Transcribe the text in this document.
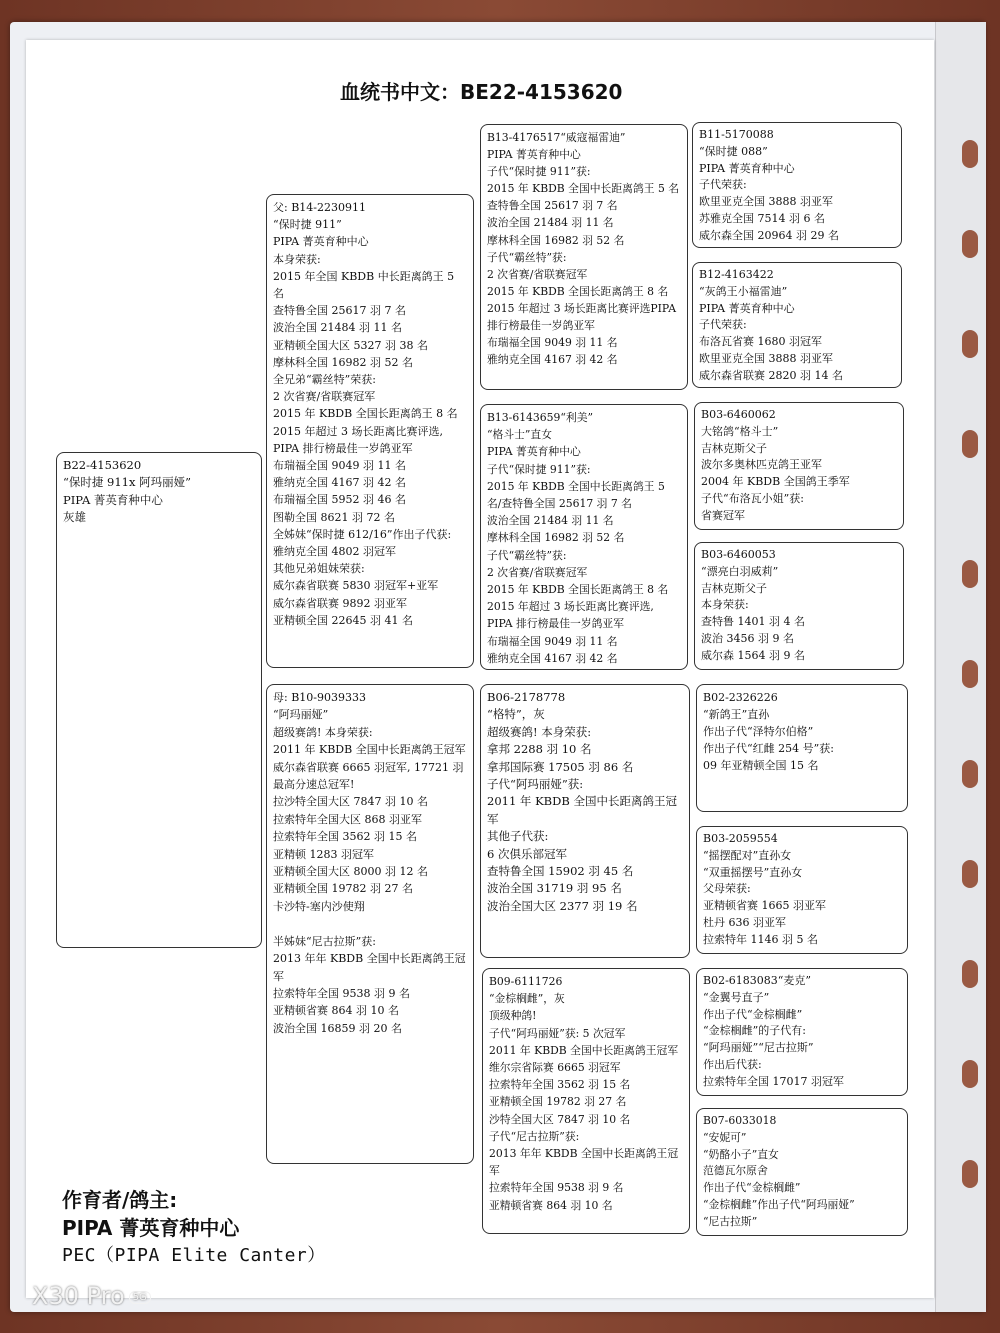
血统书中文：BE22-4153620
B22-4153620
“保时捷 911x 阿玛丽娅”
PIPA 菁英育种中心
灰雄
父: B14-2230911
“保时捷 911”
PIPA 菁英育种中心
本身荣获:
2015 年全国 KBDB 中长距离鸽王 5 名
查特鲁全国 25617 羽 7 名
波治全国 21484 羽 11 名
亚精顿全国大区 5327 羽 38 名
摩林科全国 16982 羽 52 名
全兄弟“霸丝特”荣获:
2 次省赛/省联赛冠军
2015 年 KBDB 全国长距离鸽王 8 名
2015 年超过 3 场长距离比赛评选,
PIPA 排行榜最佳一岁鸽亚军
布瑞福全国 9049 羽 11 名
雅纳克全国 4167 羽 42 名
布瑞福全国 5952 羽 46 名
图勒全国 8621 羽 72 名
全姊妹“保时捷 612/16”作出子代获:
雅纳克全国 4802 羽冠军
其他兄弟姐妹荣获:
威尔森省联赛 5830 羽冠军+亚军
威尔森省联赛 9892 羽亚军
亚精顿全国 22645 羽 41 名
母: B10-9039333
“阿玛丽娅”
超级赛鸽! 本身荣获:
2011 年 KBDB 全国中长距离鸽王冠军
威尔森省联赛 6665 羽冠军, 17721 羽最高分速总冠军!
拉沙特全国大区 7847 羽 10 名
拉索特年全国大区 868 羽亚军
拉索特年全国 3562 羽 15 名
亚精顿 1283 羽冠军
亚精顿全国大区 8000 羽 12 名
亚精顿全国 19782 羽 27 名
卡沙特-塞内沙使翔

半姊妹“尼古拉斯”获:
2013 年年 KBDB 全国中长距离鸽王冠军
拉索特年全国 9538 羽 9 名
亚精顿省赛 864 羽 10 名
波治全国 16859 羽 20 名
B13-4176517“威寇福雷迪”
PIPA 菁英育种中心
子代“保时捷 911”获:
2015 年 KBDB 全国中长距离鸽王 5 名
查特鲁全国 25617 羽 7 名
波治全国 21484 羽 11 名
摩林科全国 16982 羽 52 名
子代“霸丝特”获:
2 次省赛/省联赛冠军
2015 年 KBDB 全国长距离鸽王 8 名
2015 年超过 3 场长距离比赛评选PIPA 排行榜最佳一岁鸽亚军
布瑞福全国 9049 羽 11 名
雅纳克全国 4167 羽 42 名
B13-6143659“利美”
“格斗士”直女
PIPA 菁英育种中心
子代“保时捷 911”获:
2015 年 KBDB 全国中长距离鸽王 5 名/查特鲁全国 25617 羽 7 名
波治全国 21484 羽 11 名
摩林科全国 16982 羽 52 名
子代“霸丝特”获:
2 次省赛/省联赛冠军
2015 年 KBDB 全国长距离鸽王 8 名
2015 年超过 3 场长距离比赛评选,
PIPA 排行榜最佳一岁鸽亚军
布瑞福全国 9049 羽 11 名
雅纳克全国 4167 羽 42 名
B06-2178778
“格特”，灰
超级赛鸽! 本身荣获:
拿邦 2288 羽 10 名
拿邦国际赛 17505 羽 86 名
子代“阿玛丽娅”获:
2011 年 KBDB 全国中长距离鸽王冠军
其他子代获:
6 次俱乐部冠军
查特鲁全国 15902 羽 45 名
波治全国 31719 羽 95 名
波治全国大区 2377 羽 19 名
B09-6111726
“金棕榈雌”，灰
顶级种鸽!
子代“阿玛丽娅”获: 5 次冠军
2011 年 KBDB 全国中长距离鸽王冠军
维尔宗省际赛 6665 羽冠军
拉索特年全国 3562 羽 15 名
亚精顿全国 19782 羽 27 名
沙特全国大区 7847 羽 10 名
子代“尼古拉斯”获:
2013 年年 KBDB 全国中长距离鸽王冠军
拉索特年全国 9538 羽 9 名
亚精顿省赛 864 羽 10 名
B11-5170088
“保时捷 088”
PIPA 菁英育种中心
子代荣获:
欧里亚克全国 3888 羽亚军
苏雅克全国 7514 羽 6 名
威尔森全国 20964 羽 29 名
B12-4163422
“灰鸽王小福雷迪”
PIPA 菁英育种中心
子代荣获:
布洛瓦省赛 1680 羽冠军
欧里亚克全国 3888 羽亚军
威尔森省联赛 2820 羽 14 名
B03-6460062
大铭鸽“格斗士”
吉林克斯父子
波尔多奥林匹克鸽王亚军
2004 年 KBDB 全国鸽王季军
子代“布洛瓦小姐”获:
省赛冠军
B03-6460053
“漂亮白羽威莉”
吉林克斯父子
本身荣获:
查特鲁 1401 羽 4 名
波治 3456 羽 9 名
威尔森 1564 羽 9 名
B02-2326226
“新鸽王”直孙
作出子代“泽特尔伯格”
作出子代“红雌 254 号”获:
09 年亚精顿全国 15 名
B03-2059554
“摇摆配对”直孙女
“双重摇摆号”直孙女
父母荣获:
亚精顿省赛 1665 羽亚军
杜丹 636 羽亚军
拉索特年 1146 羽 5 名
B02-6183083“麦克”
“金翼号直子”
作出子代“金棕榈雌”
“金棕榈雌”的子代有:
“阿玛丽娅”“尼古拉斯”
作出后代获:
拉索特年全国 17017 羽冠军
B07-6033018
“安妮可”
“奶酪小子”直女
范德瓦尔原舍
作出子代“金棕榈雌”
“金棕榈雌”作出子代“阿玛丽娅”
“尼古拉斯”
作育者/鸽主:
PIPA 菁英育种中心
PEC（PIPA Elite Canter）
X30 Pro 5G
